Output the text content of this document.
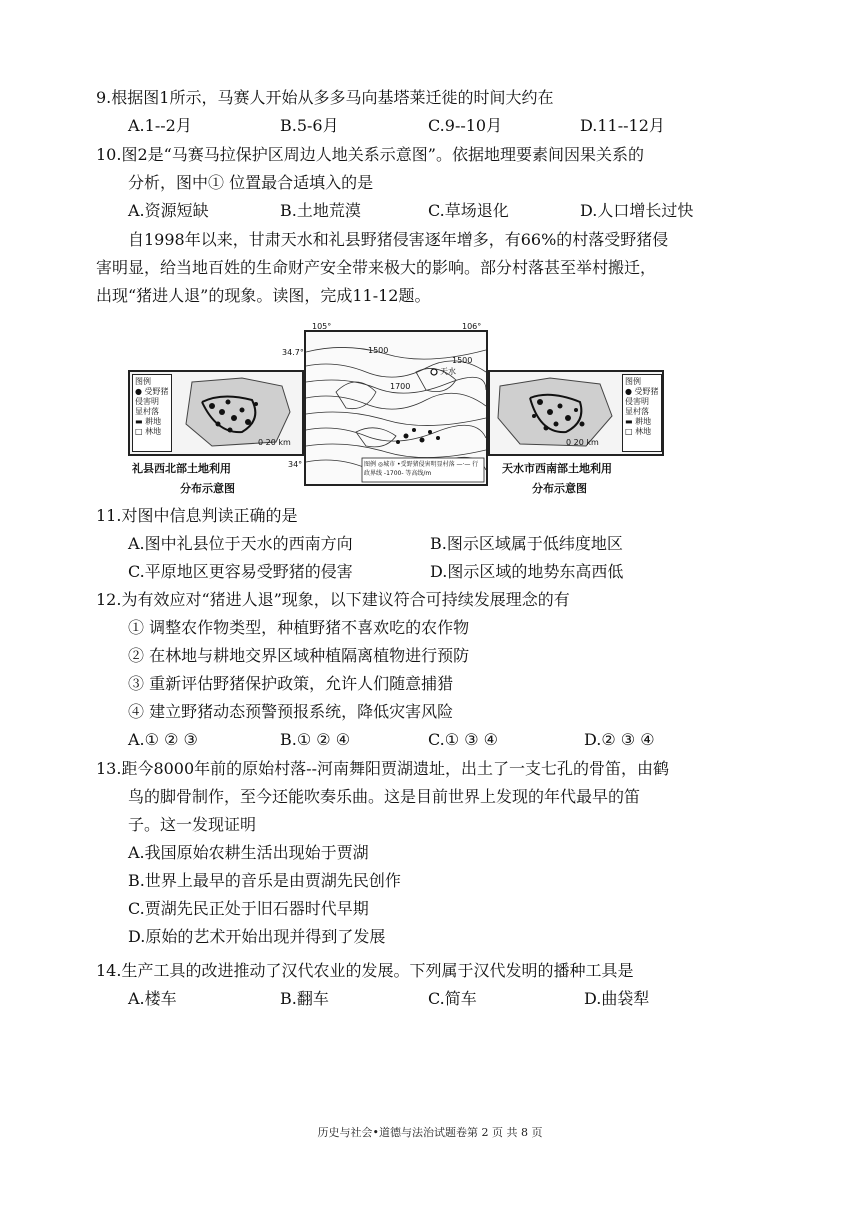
9.根据图1所示，马赛人开始从多多马向基塔莱迁徙的时间大约在
A.1--2月	B.5-6月	C.9--10月	D.11--12月
10.图2是“马赛马拉保护区周边人地关系示意图”。依据地理要素间因果关系的
分析，图中① 位置最合适填入的是
A.资源短缺	B.土地荒漠	C.草场退化	D.人口增长过快
自1998年以来，甘肃天水和礼县野猪侵害逐年增多，有66%的村落受野猪侵
害明显，给当地百姓的生命财产安全带来极大的影响。部分村落甚至举村搬迁，
出现“猪进人退”的现象。读图，完成11-12题。
图例
● 受野猪
侵害明
显村落
▬ 耕地
□ 林地
0 20 km
礼县西北部土地利用
分布示意图
1500
1500
1700
天水
图例 ◎城市 •受野猪侵害明显村落 —·— 行政界线 -1700- 等高线/m
105°	106°
34.7°
34°
0 20 km
图例
● 受野猪
侵害明
显村落
▬ 耕地
□ 林地
天水市西南部土地利用
分布示意图
11.对图中信息判读正确的是
A.图中礼县位于天水的西南方向	B.图示区域属于低纬度地区
C.平原地区更容易受野猪的侵害	D.图示区域的地势东高西低
12.为有效应对“猪进人退”现象，以下建议符合可持续发展理念的有
① 调整农作物类型，种植野猪不喜欢吃的农作物
② 在林地与耕地交界区域种植隔离植物进行预防
③ 重新评估野猪保护政策，允许人们随意捕猎
④ 建立野猪动态预警预报系统，降低灾害风险
A.① ② ③	B.① ② ④	C.① ③ ④	D.② ③ ④
13.距今8000年前的原始村落--河南舞阳贾湖遗址，出土了一支七孔的骨笛，由鹤
鸟的脚骨制作，至今还能吹奏乐曲。这是目前世界上发现的年代最早的笛
子。这一发现证明
A.我国原始农耕生活出现始于贾湖
B.世界上最早的音乐是由贾湖先民创作
C.贾湖先民正处于旧石器时代早期
D.原始的艺术开始出现并得到了发展
14.生产工具的改进推动了汉代农业的发展。下列属于汉代发明的播种工具是
A.楼车	B.翻车	C.简车	D.曲袋犁
历史与社会•道德与法治试题卷第 2 页 共 8 页
